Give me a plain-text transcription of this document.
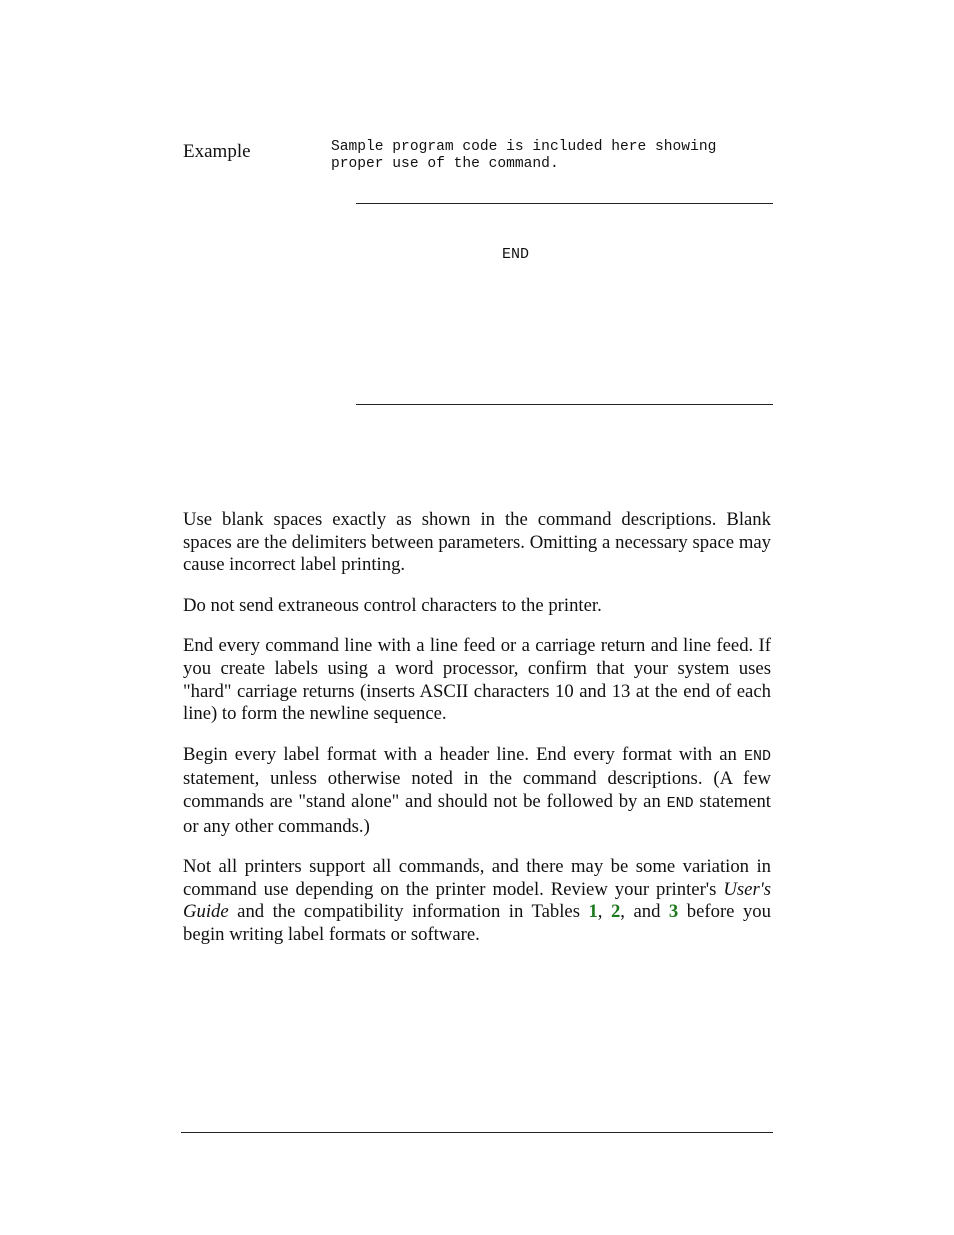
Example	Sample program code is included here showing
proper use of the command.
END

Use blank spaces exactly as shown in the command descriptions. Blank spaces are the delimiters between parameters. Omitting a necessary space may cause incorrect label printing.

Do not send extraneous control characters to the printer.

End every command line with a line feed or a carriage return and line feed. If you create labels using a word processor, confirm that your system uses "hard" carriage returns (inserts ASCII characters 10 and 13 at the end of each line) to form the newline sequence.

Begin every label format with a header line. End every format with an END statement, unless otherwise noted in the command descriptions. (A few commands are "stand alone" and should not be followed by an END statement or any other commands.)

Not all printers support all commands, and there may be some variation in command use depending on the printer model. Review your printer's User's Guide and the compatibility information in Tables 1, 2, and 3 before you begin writing label formats or software.
